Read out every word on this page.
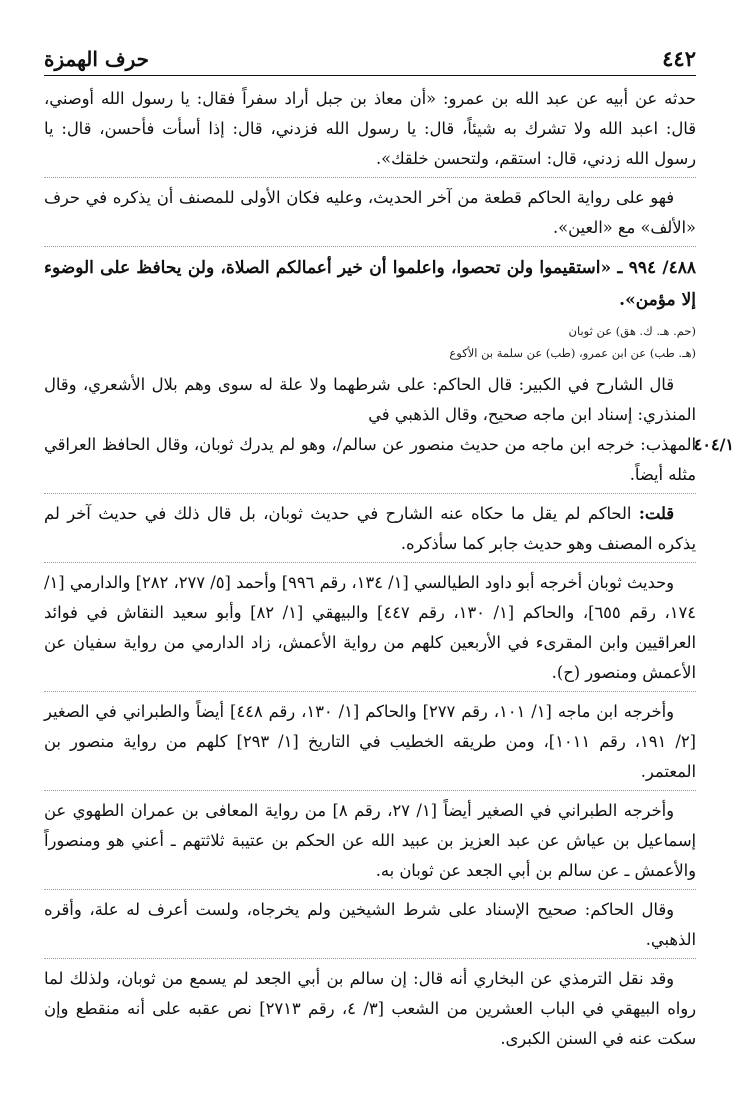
٤٤٢
حرف الهمزة

حدثه عن أبيه عن عبد الله بن عمرو: «أن معاذ بن جبل أراد سفراً فقال: يا رسول الله أوصني، قال: اعبد الله ولا تشرك به شيئاً، قال: يا رسول الله فزدني، قال: إذا أسأت فأحسن، قال: يا رسول الله زدني، قال: استقم، ولتحسن خلقك».

فهو على رواية الحاكم قطعة من آخر الحديث، وعليه فكان الأولى للمصنف أن يذكره في حرف «الألف» مع «العين».

٤٨٨/ ٩٩٤ ـ «استقيموا ولن تحصوا، واعلموا أن خير أعمالكم الصلاة، ولن يحافظ على الوضوء إلا مؤمن».

(حم. هـ. ك. هق) عن ثوبان

(هـ. طب) عن ابن عمرو، (طب) عن سلمة بن الأكوع

قال الشارح في الكبير: قال الحاكم: على شرطهما ولا علة له سوى وهم بلال الأشعري، وقال المنذري: إسناد ابن ماجه صحيح، وقال الذهبي في

٤٠٤/١

المهذب: خرجه ابن ماجه من حديث منصور عن سالم/، وهو لم يدرك ثوبان، وقال الحافظ العراقي مثله أيضاً.

قلت: الحاكم لم يقل ما حكاه عنه الشارح في حديث ثوبان، بل قال ذلك في حديث آخر لم يذكره المصنف وهو حديث جابر كما سأذكره.

وحديث ثوبان أخرجه أبو داود الطيالسي [١/ ١٣٤، رقم ٩٩٦] وأحمد [٥/ ٢٧٧، ٢٨٢] والدارمي [١/ ١٧٤، رقم ٦٥٥]، والحاكم [١/ ١٣٠، رقم ٤٤٧] والبيهقي [١/ ٨٢] وأبو سعيد النقاش في فوائد العراقيين وابن المقرىء في الأربعين كلهم من رواية الأعمش، زاد الدارمي من رواية سفيان عن الأعمش ومنصور (ح).

وأخرجه ابن ماجه [١/ ١٠١، رقم ٢٧٧] والحاكم [١/ ١٣٠، رقم ٤٤٨] أيضاً والطبراني في الصغير [٢/ ١٩١، رقم ١٠١١]، ومن طريقه الخطيب في التاريخ [١/ ٢٩٣] كلهم من رواية منصور بن المعتمر.

وأخرجه الطبراني في الصغير أيضاً [١/ ٢٧، رقم ٨] من رواية المعافى بن عمران الطهوي عن إسماعيل بن عياش عن عبد العزيز بن عبيد الله عن الحكم بن عتيبة ثلاثتهم ـ أعني هو ومنصوراً والأعمش ـ عن سالم بن أبي الجعد عن ثوبان به.

وقال الحاكم: صحيح الإسناد على شرط الشيخين ولم يخرجاه، ولست أعرف له علة، وأقره الذهبي.

وقد نقل الترمذي عن البخاري أنه قال: إن سالم بن أبي الجعد لم يسمع من ثوبان، ولذلك لما رواه البيهقي في الباب العشرين من الشعب [٣/ ٤، رقم ٢٧١٣] نص عقبه على أنه منقطع وإن سكت عنه في السنن الكبرى.
